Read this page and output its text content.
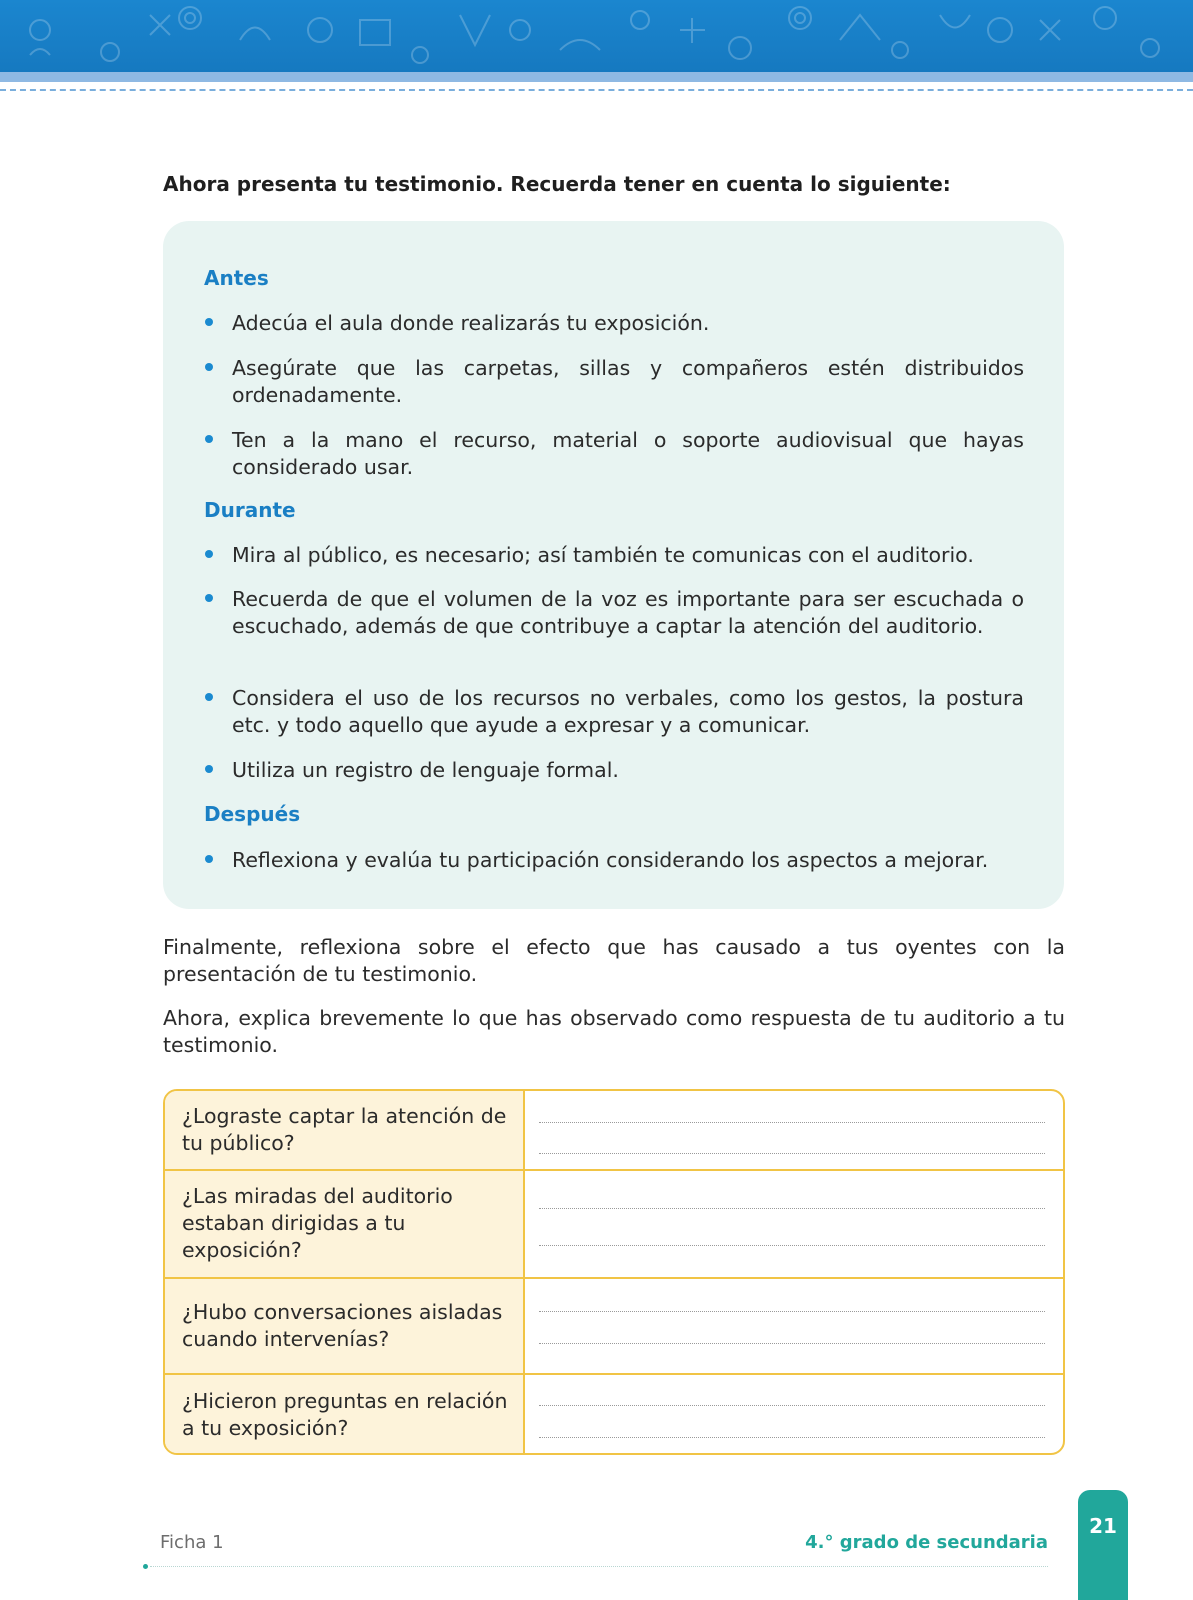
Ahora presenta tu testimonio. Recuerda tener en cuenta lo siguiente:
Antes
Adecúa el aula donde realizarás tu exposición.
Asegúrate que las carpetas, sillas y compañeros estén distribuidos ordenadamente.
Ten a la mano el recurso, material o soporte audiovisual que hayas considerado usar.
Durante
Mira al público, es necesario; así también te comunicas con el auditorio.
Recuerda de que el volumen de la voz es importante para ser escuchada o escuchado, además de que contribuye a captar la atención del auditorio.
Considera el uso de los recursos no verbales, como los gestos, la postura etc. y todo aquello que ayude a expresar y a comunicar.
Utiliza un registro de lenguaje formal.
Después
Reflexiona y evalúa tu participación considerando los aspectos a mejorar.
Finalmente, reflexiona sobre el efecto que has causado a tus oyentes con la presentación de tu testimonio.
Ahora, explica brevemente lo que has observado como respuesta de tu auditorio a tu testimonio.
¿Lograste captar la atención de tu público?
¿Las miradas del auditorio estaban dirigidas a tu exposición?
¿Hubo conversaciones aisladas cuando intervenías?
¿Hicieron preguntas en relación a tu exposición?
Ficha 1	4.° grado de secundaria
21
